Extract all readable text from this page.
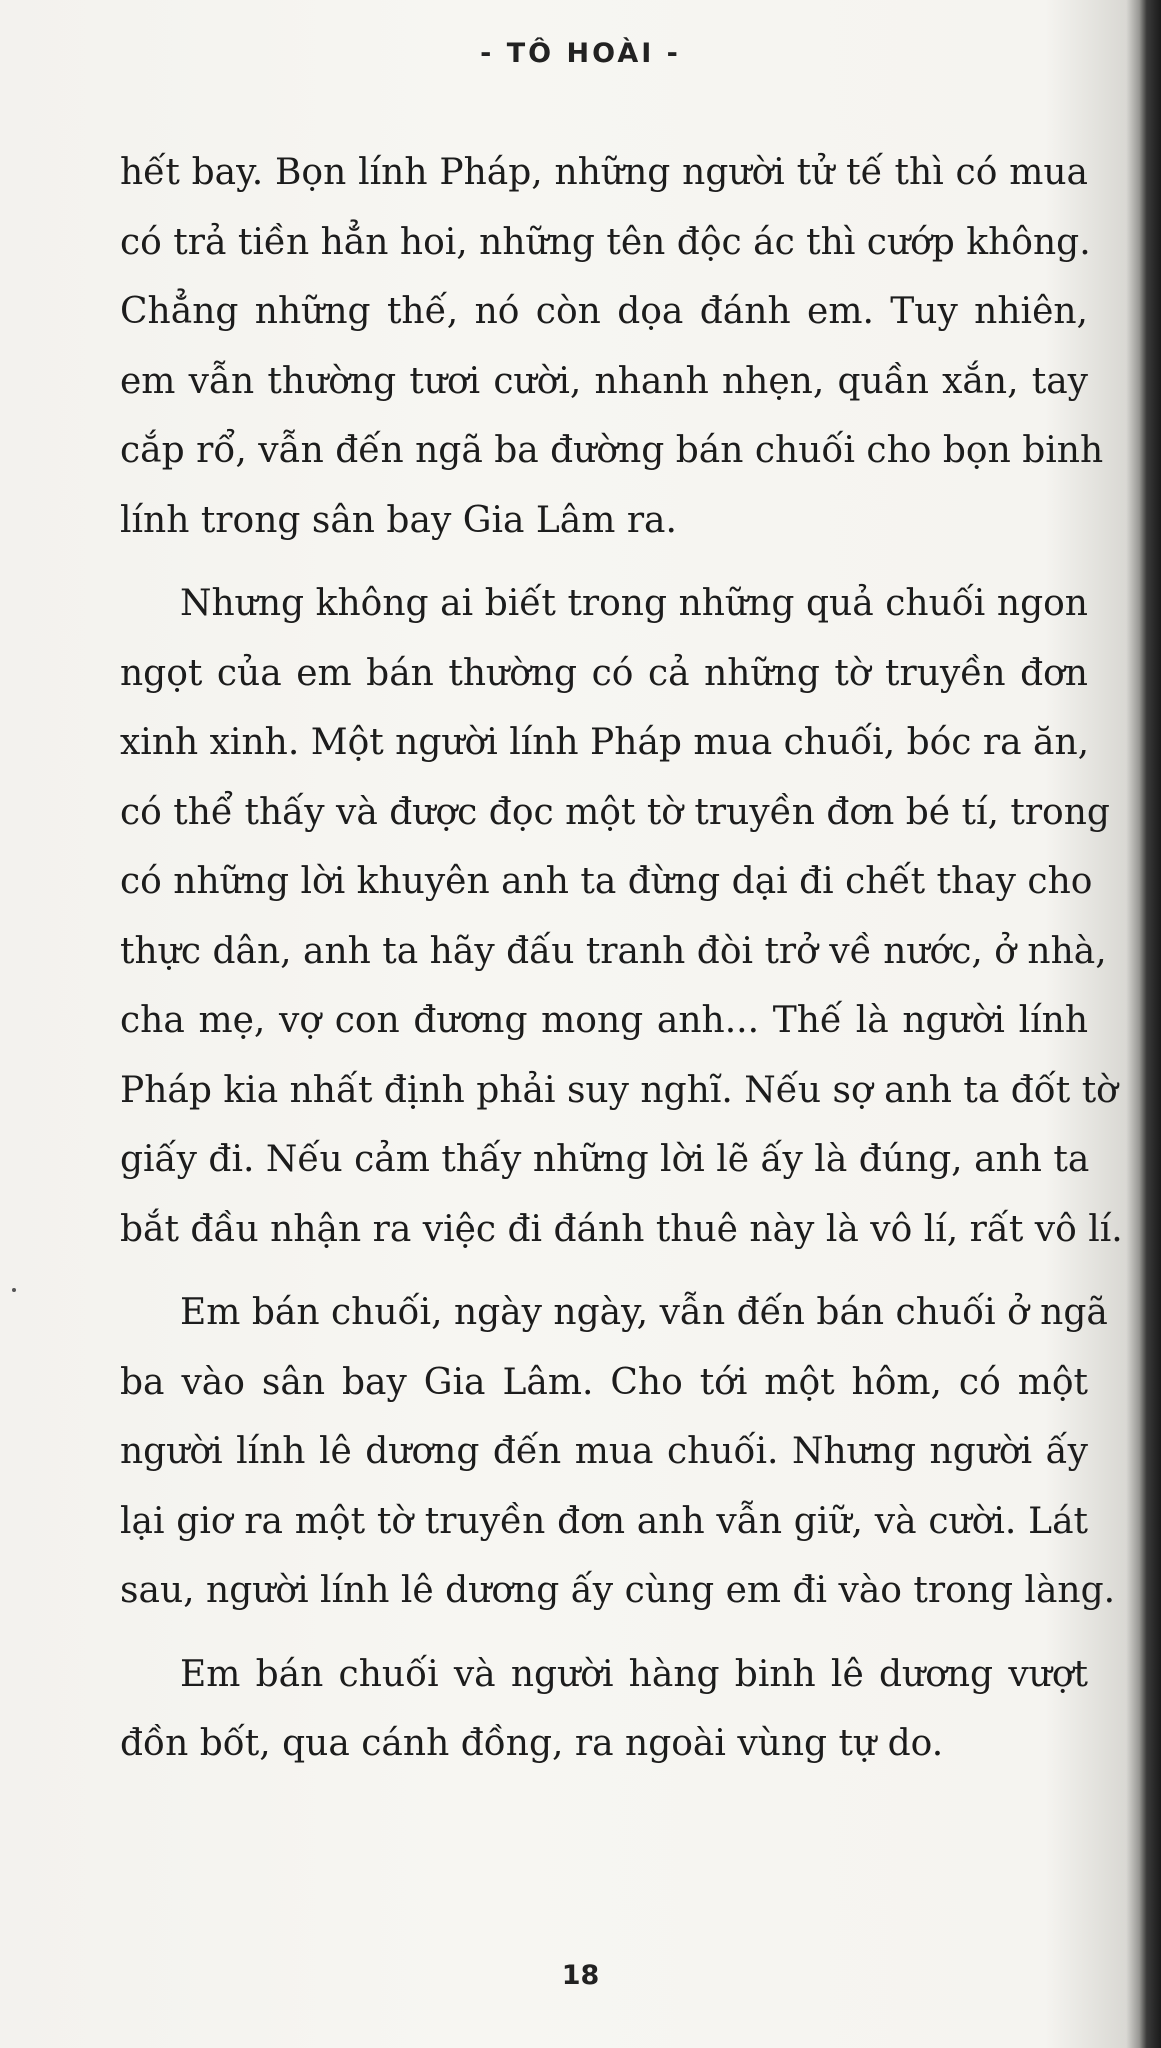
- TÔ HOÀI -

hết bay. Bọn lính Pháp, những người tử tế thì có mua
có trả tiền hẳn hoi, những tên độc ác thì cướp không.
Chẳng những thế, nó còn dọa đánh em. Tuy nhiên,
em vẫn thường tươi cười, nhanh nhẹn, quần xắn, tay
cắp rổ, vẫn đến ngã ba đường bán chuối cho bọn binh
lính trong sân bay Gia Lâm ra.

Nhưng không ai biết trong những quả chuối ngon
ngọt của em bán thường có cả những tờ truyền đơn
xinh xinh. Một người lính Pháp mua chuối, bóc ra ăn,
có thể thấy và được đọc một tờ truyền đơn bé tí, trong
có những lời khuyên anh ta đừng dại đi chết thay cho
thực dân, anh ta hãy đấu tranh đòi trở về nước, ở nhà,
cha mẹ, vợ con đương mong anh... Thế là người lính
Pháp kia nhất định phải suy nghĩ. Nếu sợ anh ta đốt tờ
giấy đi. Nếu cảm thấy những lời lẽ ấy là đúng, anh ta
bắt đầu nhận ra việc đi đánh thuê này là vô lí, rất vô lí.

Em bán chuối, ngày ngày, vẫn đến bán chuối ở ngã
ba vào sân bay Gia Lâm. Cho tới một hôm, có một
người lính lê dương đến mua chuối. Nhưng người ấy
lại giơ ra một tờ truyền đơn anh vẫn giữ, và cười. Lát
sau, người lính lê dương ấy cùng em đi vào trong làng.

Em bán chuối và người hàng binh lê dương vượt
đồn bốt, qua cánh đồng, ra ngoài vùng tự do.

18
